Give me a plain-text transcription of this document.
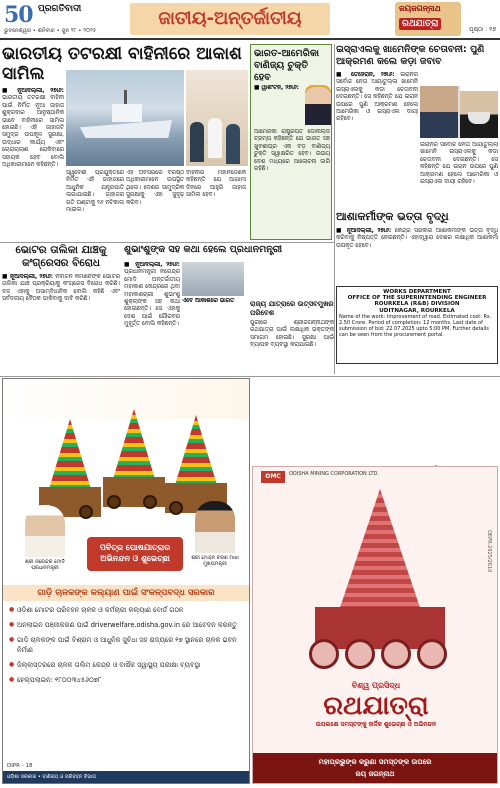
50 ପ୍ରଗତିବାଦୀ
ଭୁବନେଶ୍ୱର • ଶନିବାର • ଜୁନ ୨୮ • ୨୦୨୫
ଜାତୀୟ-ଅନ୍ତର୍ଜାତୀୟ	ଜୟଜଗନ୍ନାଥ
ରଥଯାତ୍ରା
ପୃଷ୍ଠା : ୧୭
ଭାରତୀୟ ତଟରକ୍ଷୀ ବାହିନୀରେ ଆକାଶ ସାମିଲ

■ ନୂଆଦିଲ୍ଲୀ, ୨୭ା୬: ଭାରତୀୟ ତଟରକ୍ଷୀ ବାହିନୀ ପାଇଁ ନିର୍ମିତ ନୂଆ ଜାହାଜ ଶୁକ୍ରବାର ଆନୁଷ୍ଠାନିକ ଭାବେ ବାହିନୀରେ ସାମିଲ ହୋଇଛି। ଏହି ଜାହାଜଟି ସମୁଦ୍ର ଉପକୂଳ ସୁରକ୍ଷା, ଉଦ୍ଧାର କାର୍ଯ୍ୟ ଏବଂ ଚୋରାଚାଲାଣ ରୋକିବାରେ ସହାୟକ ହେବ ବୋଲି ଅଧିକାରୀମାନେ କହିଛନ୍ତି।

ସ୍ୱଦେଶୀ ପ୍ରଯୁକ୍ତିରେ ନିର୍ମିତ ଏହି ଜାହାଜରେ ଆଧୁନିକ ଯନ୍ତ୍ରପାତି ଲଗାଯାଇଛି। ଜାହାଜର ଗତି ଘଣ୍ଟାକୁ ୨୬ ନଟିକାଲ ମାଇଲ।

ଏହି ଅବସରରେ ବରିଷ୍ଠ ଅଧିକାରୀମାନେ ଉପସ୍ଥିତ ଥିଲେ। ଦେଶର ସାମୁଦ୍ରିକ ସୁରକ୍ଷାକୁ ଏହା ସୁଦୃଢ଼ କରିବ।

ବାହିନୀର ମହାନିର୍ଦ୍ଦେଶକ କହିଛନ୍ତି ଯେ ଆଗାମୀ ଦିନରେ ଆହୁରି ଜାହାଜ ସାମିଲ ହେବ।

ଭାରତ-ଆମେରିକା ବାଣିଜ୍ୟ ଚୁକ୍ତି ହେବ

■ ୱାଶିଂଟନ, ୨୭ା୬:

ଆମେରିକା ରାଷ୍ଟ୍ରପତି ଡୋନାଲ୍ଡ ଟ୍ରମ୍ପ କହିଛନ୍ତି ଯେ ଭାରତ ସହ ଖୁବଶୀଘ୍ର ଏକ ବଡ଼ ବାଣିଜ୍ୟ ଚୁକ୍ତି ସ୍ୱାକ୍ଷରିତ ହେବ। ଉଭୟ ଦେଶ ମଧ୍ୟରେ ଆଲୋଚନା ଜାରି ରହିଛି।

ଇସ୍ରାଏଲକୁ ଖାମେନିଙ୍କ ଚେତାବନୀ: ପୁଣି ଆକ୍ରମଣ କଲେ କଡ଼ା ଜବାବ

■ ତେହେରାନ, ୨୭ା୬: ଇରାନର ସର୍ବୋଚ୍ଚ ନେତା ଆୟାତୁଲ୍ଲା ଖାମେନି ଇସ୍ରାଏଲକୁ କଡ଼ା ଚେତାବନୀ ଦେଇଛନ୍ତି। ସେ କହିଛନ୍ତି ଯେ ଇରାନ ଉପରେ ପୁଣି ଆକ୍ରମଣ ହେଲେ ଆମେରିକା ଓ ଇସ୍ରାଏଲ ଦାୟୀ ରହିବେ।

ଇରାନର ସର୍ବୋଚ୍ଚ ନେତା ଆୟାତୁଲ୍ଲା ଖାମେନି ଇସ୍ରାଏଲକୁ କଡ଼ା ଚେତାବନୀ ଦେଇଛନ୍ତି। ସେ କହିଛନ୍ତି ଯେ ଇରାନ ଉପରେ ପୁଣି ଆକ୍ରମଣ ହେଲେ ଆମେରିକା ଓ ଇସ୍ରାଏଲ ଦାୟୀ ରହିବେ।

ଆଶାକର୍ମୀଙ୍କ ଭତ୍ତା ବୃଦ୍ଧି

■ ନୂଆଦିଲ୍ଲୀ, ୨୭ା୬: କେନ୍ଦ୍ର ସରକାର ଆଶାକର୍ମୀଙ୍କ ଭତ୍ତା ବୃଦ୍ଧି କରିବାକୁ ନିଷ୍ପତ୍ତି ନେଇଛନ୍ତି। ଏହାଦ୍ୱାରା ଦେଶର ଲକ୍ଷାଧିକ ଆଶାକର୍ମୀ ଉପକୃତ ହେବେ।

ଭୋଟର ତାଲିକା ଯାଞ୍ଚକୁ କଂଗ୍ରେସର ବିରୋଧ

■ ନୂଆଦିଲ୍ଲୀ, ୨୭ା୬: ନିର୍ବାଚନ କମିଶନଙ୍କ ଭୋଟର ତାଲିକା ଯାଞ୍ଚ ପ୍ରକ୍ରିୟାକୁ କଂଗ୍ରେସ ବିରୋଧ କରିଛି। ଦଳ ଏହାକୁ ଅସାମ୍ବିଧାନିକ ବୋଲି କହିଛି ଏବଂ ସର୍ବଦଳୀୟ ବୈଠକ ଡାକିବାକୁ ଦାବି କରିଛି।

ଶୁଭାଂଶୁଙ୍କ ସହ କଥା ହେଲେ ପ୍ରଧାନମନ୍ତ୍ରୀ

■ ନୂଆଦିଲ୍ଲୀ, ୨୭ା୬: ପ୍ରଧାନମନ୍ତ୍ରୀ ନରେନ୍ଦ୍ର ମୋଦି ଅନ୍ତର୍ଜାତୀୟ ମହାକାଶ କେନ୍ଦ୍ରରେ ଥିବା ମହାକାଶଚାରୀ ଶୁଭାଂଶୁ ଶୁକ୍ଲାଙ୍କ ସହ କଥା ହୋଇଛନ୍ତି। ସେ ଏହାକୁ ଦେଶ ପାଇଁ ଗୌରବର ମୁହୂର୍ତ୍ତ ବୋଲି କହିଛନ୍ତି।

ଏବେ ଆକାଶରେ ଭାରତ	ରାଜ୍ୟ ଯାତ୍ରାରେ ଉତ୍ସବମୁଖର ପରିବେଶ

ପୁରୀରେ ଶ୍ରୀଜଗନ୍ନାଥଙ୍କ ରଥଯାତ୍ରା ପାଇଁ ଲକ୍ଷାଧିକ ଭକ୍ତଙ୍କ ସମାଗମ ହୋଇଛି। ସୁରକ୍ଷା ପାଇଁ ବ୍ୟାପକ ବ୍ୟବସ୍ଥା କରାଯାଇଛି।

WORKS DEPARTMENT
OFFICE OF THE SUPERINTENDING ENGINEER ROURKELA (R&B) DIVISION
UDITNAGAR, ROURKELA
Name of the work: Improvement of road. Estimated cost: Rs. 2.50 Crore. Period of completion: 12 months. Last date of submission of bid: 22.07.2025 upto 5:00 PM. Further details can be seen from the procurement portal.
ପବିତ୍ର ଘୋଷଯାତ୍ରାର ଅଭିନନ୍ଦନ ଓ ଶୁଭେଚ୍ଛା
ଶ୍ରୀ ନରେନ୍ଦ୍ର ମୋଦି
ପ୍ରଧାନମନ୍ତ୍ରୀ
ଶ୍ରୀ ମୋହନ ଚରଣ ମାଝୀ
ମୁଖ୍ୟମନ୍ତ୍ରୀ
ଗାଡ଼ି ଚାଳକଙ୍କ କଲ୍ୟାଣ ପାଇଁ ସଂକଳ୍ପବଦ୍ଧ ସରକାର
● ଓଡ଼ିଶା ମୋଟର ପରିବହନ ଚାଳକ ଓ କର୍ମଚାରୀ କଲ୍ୟାଣ ବୋର୍ଡ ଗଠନ
● ଅନଲାଇନ ପଞ୍ଜୀକରଣ ପାଇଁ driverwelfare.odisha.gov.in ରେ ଆବେଦନ କରନ୍ତୁ
● ଗାଡ଼ି ଚାଳକଙ୍କ ପାଇଁ ବିଶ୍ରାମ ଓ ଆଧୁନିକ ସୁବିଧା ସହ ରାଜ୍ୟରେ ୧୭ ସ୍ଥାନରେ ଚାଳକ ଭବନ ନିର୍ମାଣ
● ଜିଲ୍ଲାସ୍ତରରେ ଚାଳକ ତାଲିମ କେନ୍ଦ୍ର ଓ ବାର୍ଷିକ ସ୍ୱାସ୍ଥ୍ୟ ପରୀକ୍ଷା ବ୍ୟବସ୍ଥା
● ହେଲ୍ପଲାଇନ: ୧୮୦୦୩୪୫୬୦୭୮
DIPR - 18
ଓଡ଼ିଶା ସରକାର • ବାଣିଜ୍ୟ ଓ ପରିବହନ ବିଭାଗ
OMC	ODISHA MINING CORPORATION LTD.
ବିଶ୍ୱ ପ୍ରସିଦ୍ଧ
ରଥଯାତ୍ରା
ଉପଲକ୍ଷେ ସମସ୍ତଙ୍କୁ ହାର୍ଦ୍ଦିକ ଶୁଭେଚ୍ଛା ଓ ଅଭିନନ୍ଦନ
ମହାପ୍ରଭୁଙ୍କ କରୁଣା ସମସ୍ତଙ୍କ ଉପରେ
ଜୟ ଜଗନ୍ନାଥ
OEPR-2025/2610
